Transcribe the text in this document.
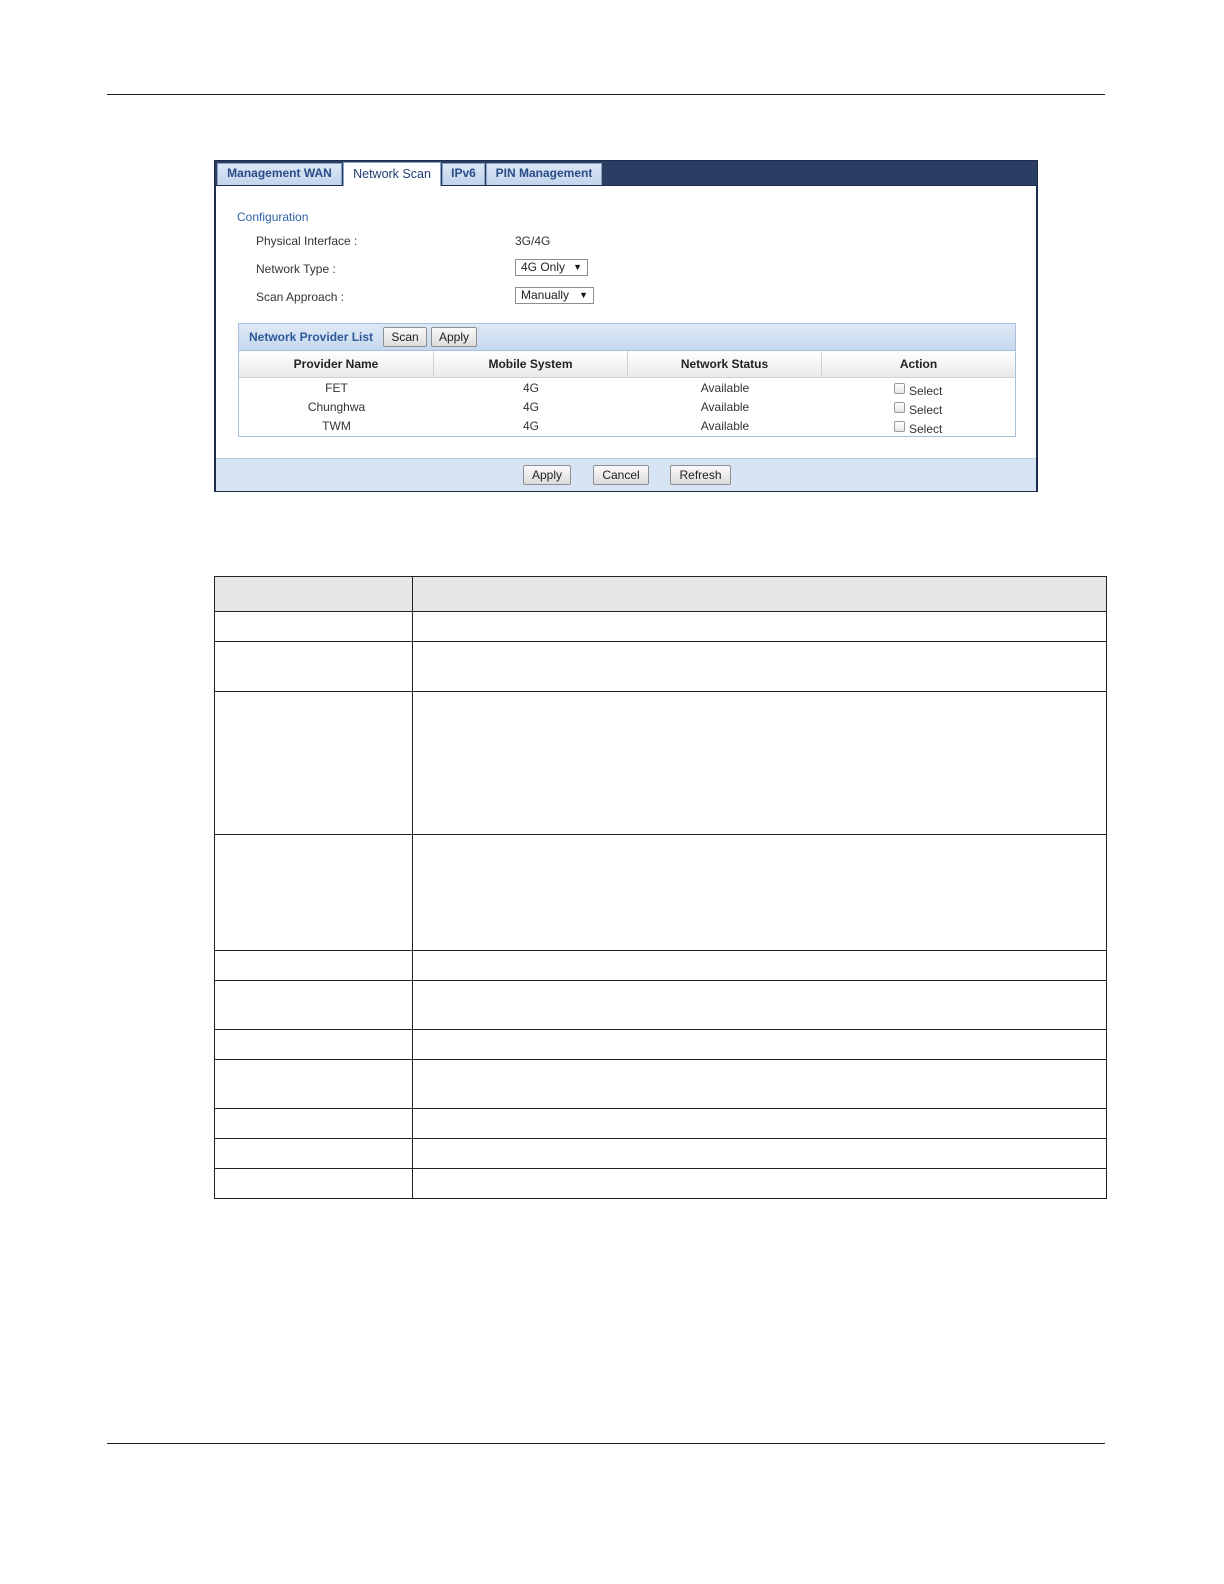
Management WAN	Network Scan	IPv6	PIN Management
Configuration
Physical Interface :	3G/4G
Network Type :	4G Only ▼
Scan Approach :	Manually ▼
Network Provider List	Scan	Apply
Provider Name	Mobile System	Network Status	Action
FET	4G	Available	Select
Chunghwa	4G	Available	Select
TWM	4G	Available	Select
Apply	Cancel	Refresh
